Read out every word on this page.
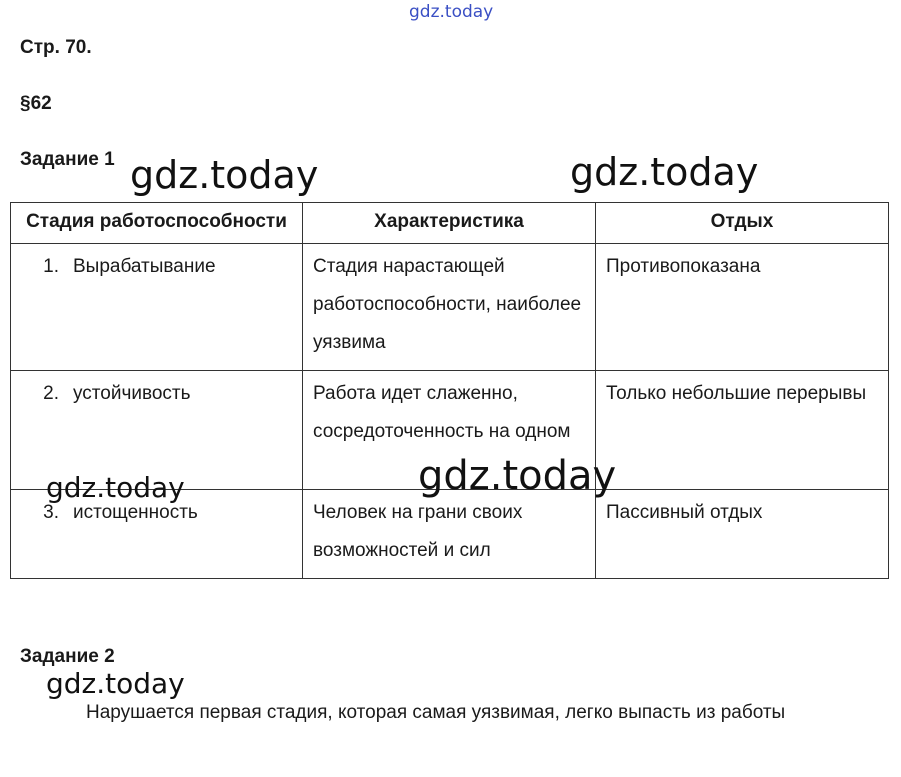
gdz.today
Стр. 70.
§62
Задание 1
Стадия работоспособности	Характеристика	Отдых
1. Вырабатывание	Стадия нарастающей работоспособности, наиболее уязвима	Противопоказана
2. устойчивость	Работа идет слаженно, сосредоточенность на одном	Только небольшие перерывы
3. истощенность	Человек на грани своих возможностей и сил	Пассивный отдых
Задание 2
Нарушается первая стадия, которая самая уязвимая, легко выпасть из работы
gdz.today	gdz.today
gdz.today	gdz.today
gdz.today
